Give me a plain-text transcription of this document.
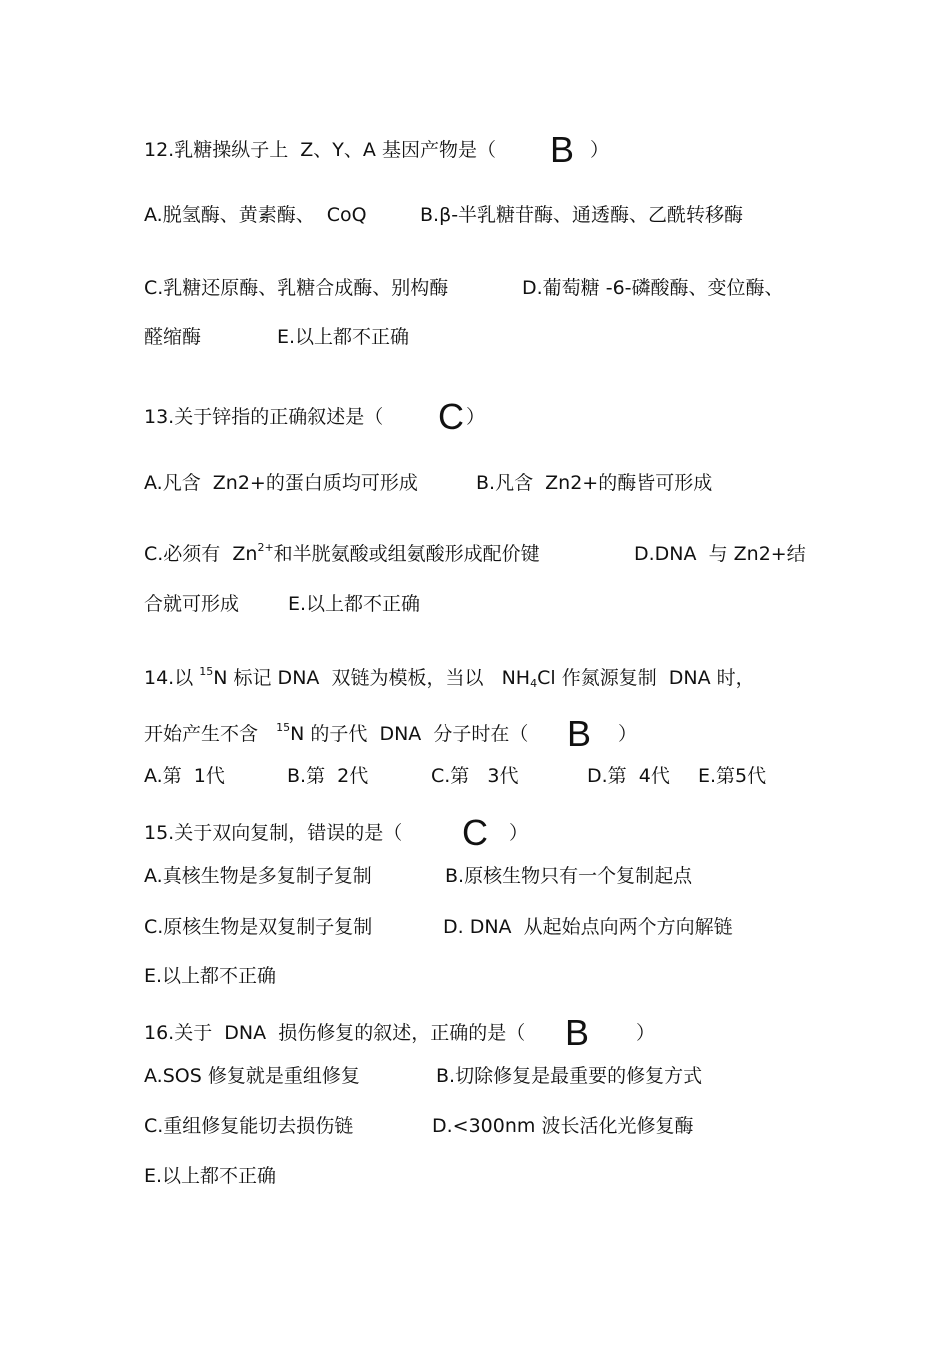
12.乳糖操纵子上  Z、Y、A 基因产物是（ B ）
A.脱氢酶、黄素酶、  CoQ	B.β-半乳糖苷酶、通透酶、乙酰转移酶
C.乳糖还原酶、乳糖合成酶、别构酶	D.葡萄糖 -6-磷酸酶、变位酶、
醛缩酶	E.以上都不正确
13.关于锌指的正确叙述是（ C ）
A.凡含  Zn2+的蛋白质均可形成	B.凡含  Zn2+的酶皆可形成
C.必须有  $Zn^{2+}$和半胱氨酸或组氨酸形成配价键	D.DNA  与 Zn2+结
合就可形成	E.以上都不正确
14.以 $^{15}$N 标记 DNA  双链为模板，当以   $NH_4Cl$ 作氮源复制  DNA 时，
开始产生不含   $^{15}$N 的子代  DNA  分子时在（ B ）
A.第  1代	B.第  2代	C.第   3代	D.第  4代 E.第5代
15.关于双向复制，错误的是（ C ）
A.真核生物是多复制子复制	B.原核生物只有一个复制起点
C.原核生物是双复制子复制	D. DNA  从起始点向两个方向解链
E.以上都不正确
16.关于  DNA  损伤修复的叙述，正确的是（ B ）
A.SOS 修复就是重组修复	B.切除修复是最重要的修复方式
C.重组修复能切去损伤链	D.<300nm 波长活化光修复酶
E.以上都不正确
